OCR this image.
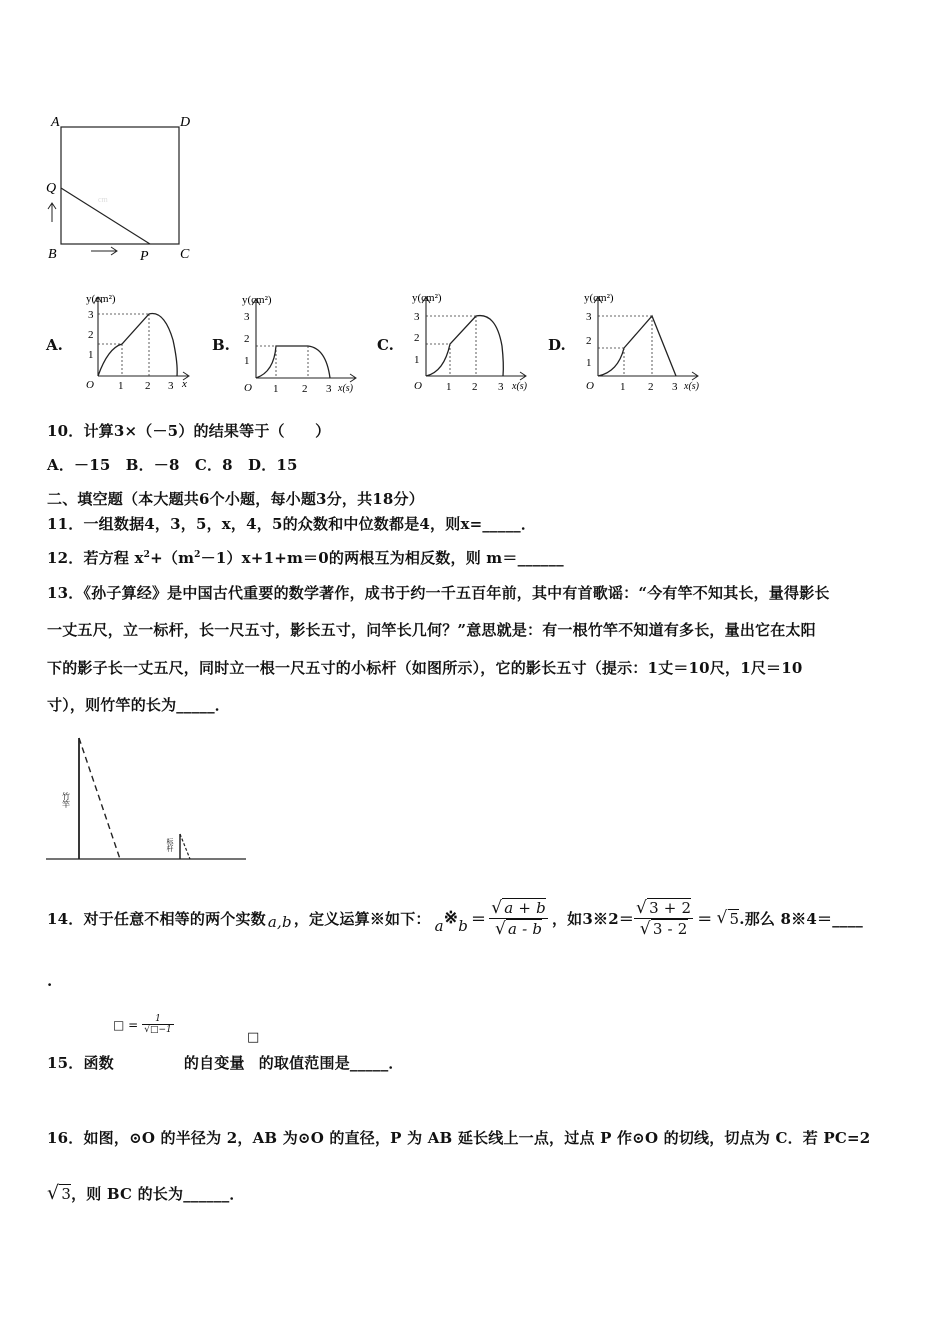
A	D
Q
B	P C
cm
A.
y(cm²)
3
2
1
O 1 2 3 x
B.
y(cm²)
3
2
1
O 1 2 3 x(s)
C.
y(cm²)
3
2
1
O 1 2 3 x(s)
D.
y(cm²)
3
2
1
O 1 2 3 x(s)
10．计算3×（－5）的结果等于（　　）
A．－15　B．－8　C．8　D．15
二、填空题（本大题共6个小题，每小题3分，共18分）
11．一组数据4，3，5，x，4，5的众数和中位数都是4，则x=_____．
12．若方程 $x^2+(m^2-1)x+1+m=0$的两根互为相反数，则 m＝______
13．《孙子算经》是中国古代重要的数学著作，成书于约一千五百年前，其中有首歌谣：“今有竿不知其长，量得影长
一丈五尺，立一标杆，长一尺五寸，影长五寸，问竿长几何？”意思就是：有一根竹竿不知道有多长，量出它在太阳
下的影子长一丈五尺，同时立一根一尺五寸的小标杆（如图所示），它的影长五寸（提示：1丈＝10尺，1尺＝10
寸），则竹竿的长为_____．
竹竿
标杆
14．对于任意不相等的两个实数 a,b ，定义运算※如下： a ※ $b = \frac{√ a + b}{√ a - b}$ ，如3※2＝ $\frac{√ 3 + 2}{√ 3 - 2}$ ＝ √ 5 .那么 8※4＝____
.
□ = $\frac{1}{√□-1}$
□
15．函数	的自变量 的取值范围是_____．
16．如图，⊙O 的半径为 2，AB 为⊙O 的直径，P 为 AB 延长线上一点，过点 P 作⊙O 的切线，切点为 C．若 PC=2
√ 3，则 BC 的长为______．
